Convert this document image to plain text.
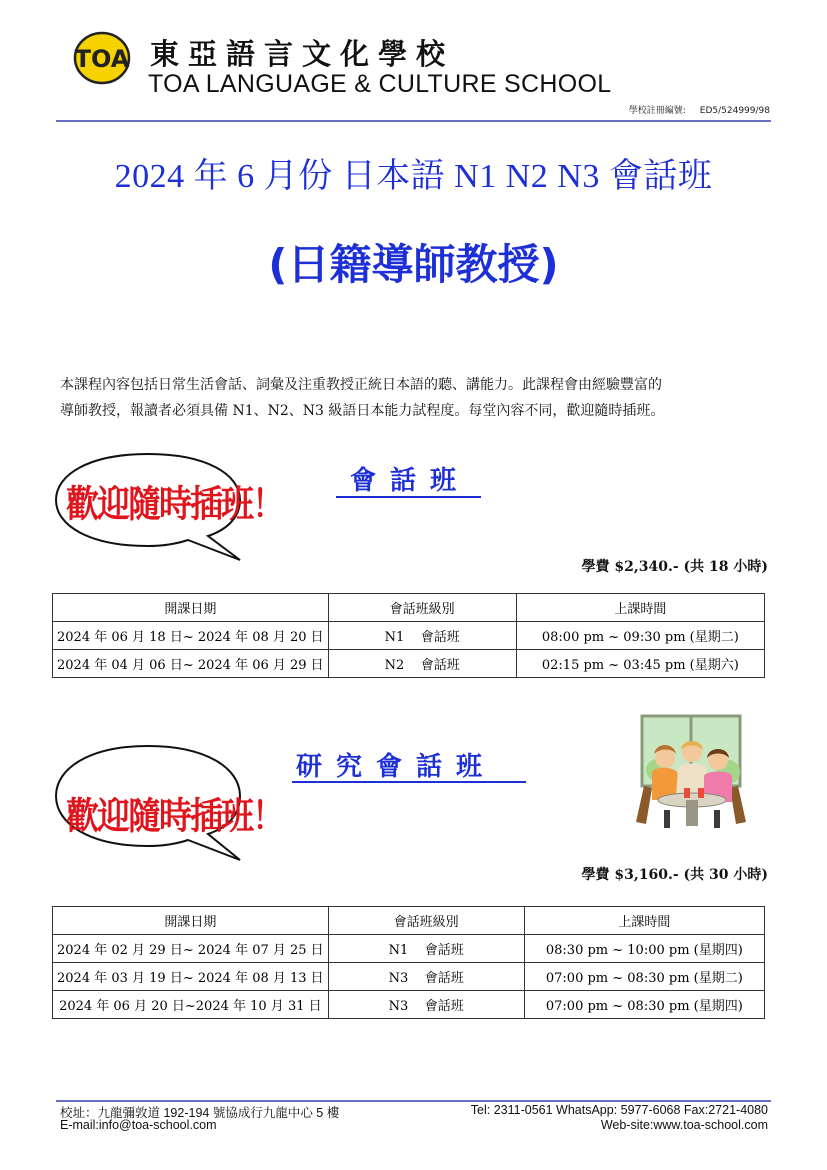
TOA 東亞語言文化學校
TOA LANGUAGE & CULTURE SCHOOL
學校註冊編號: ED5/524999/98
2024 年 6 月份 日本語 N1 N2 N3 會話班
(日籍導師教授)
本課程內容包括日常生活會話、詞彙及注重教授正統日本語的聽、講能力。此課程會由經驗豐富的
導師教授，報讀者必須具備 N1、N2、N3 級語日本能力試程度。每堂內容不同，歡迎隨時插班。
歡迎隨時插班！
會話班
學費 $2,340.- (共 18 小時)
開課日期	會話班級別	上課時間
2024 年 06 月 18 日~ 2024 年 08 月 20 日	N1    會話班	08:00 pm ~ 09:30 pm (星期二)
2024 年 04 月 06 日~ 2024 年 06 月 29 日	N2    會話班	02:15 pm ~ 03:45 pm (星期六)
歡迎隨時插班！
研究會話班
學費 $3,160.- (共 30 小時)
開課日期	會話班級別	上課時間
2024 年 02 月 29 日~ 2024 年 07 月 25 日	N1    會話班	08:30 pm ~ 10:00 pm (星期四)
2024 年 03 月 19 日~ 2024 年 08 月 13 日	N3    會話班	07:00 pm ~ 08:30 pm (星期二)
2024 年 06 月 20 日~2024 年 10 月 31 日	N3    會話班	07:00 pm ~ 08:30 pm (星期四)
校址：九龍彌敦道 192-194 號協成行九龍中心 5 樓
E-mail:info@toa-school.com
Tel: 2311-0561 WhatsApp: 5977-6068 Fax:2721-4080
Web-site:www.toa-school.com
